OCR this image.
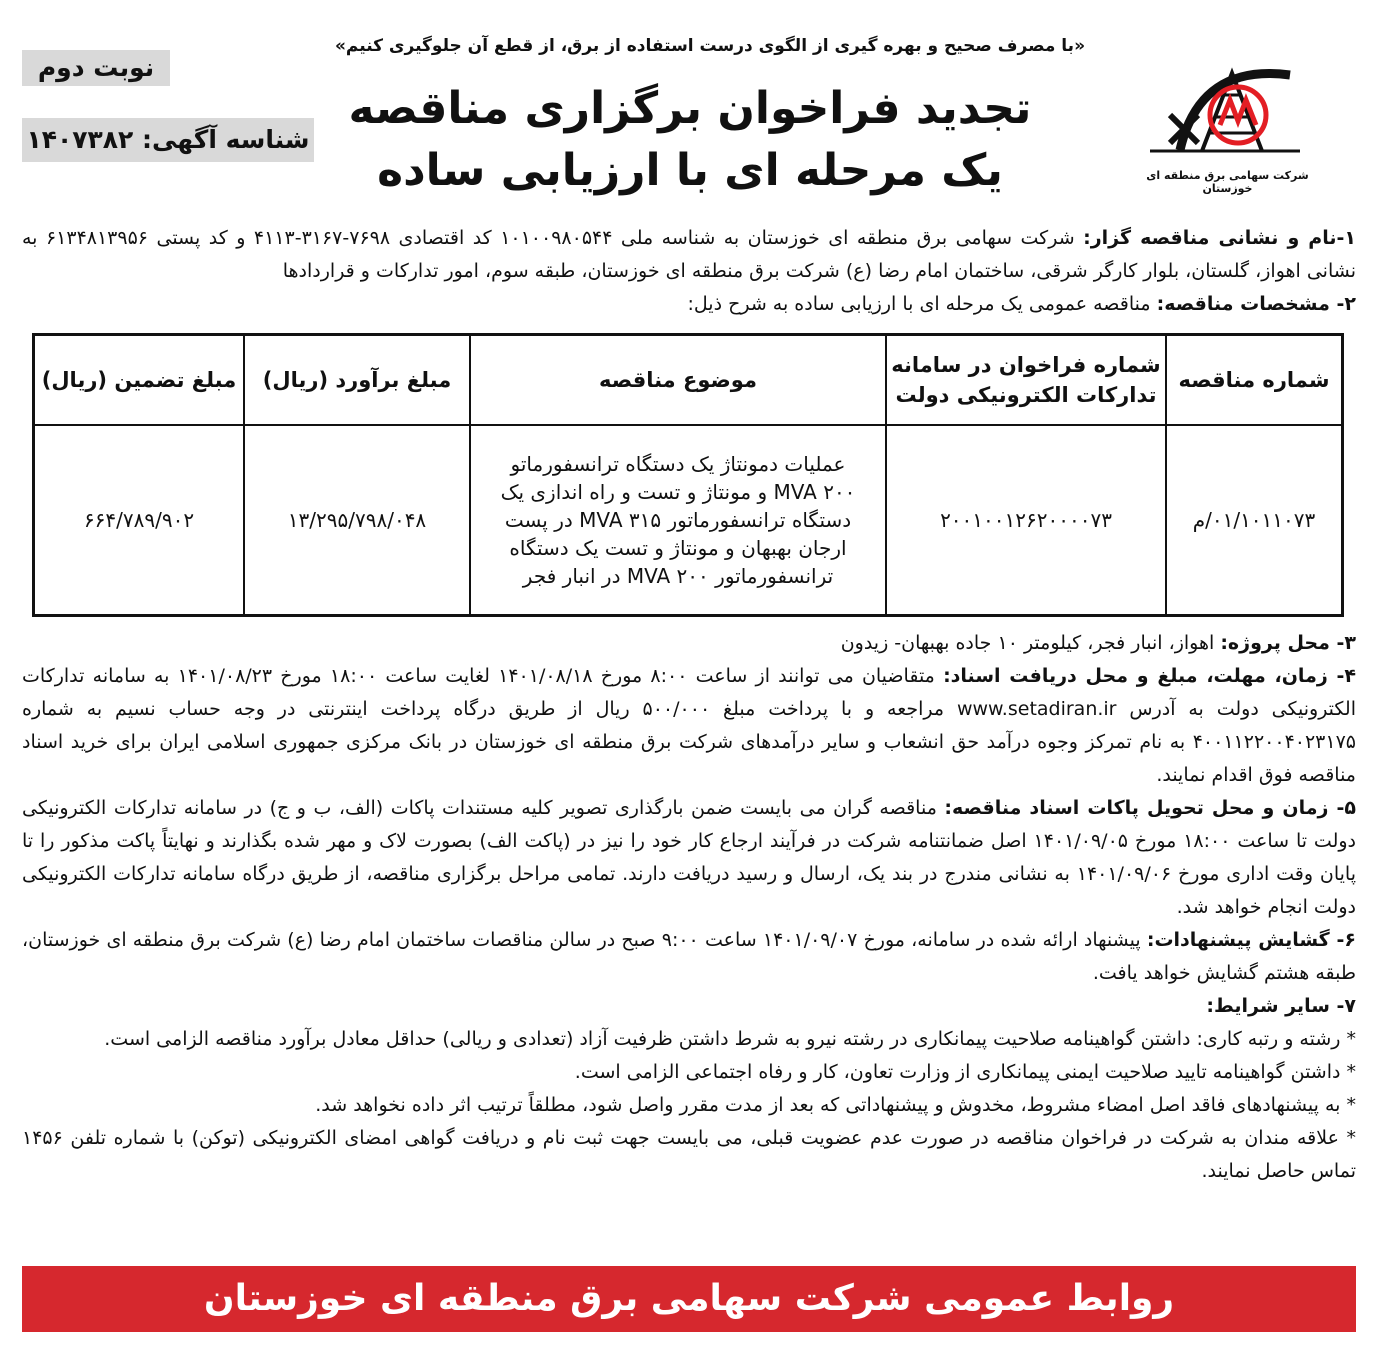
«با مصرف صحیح و بهره گیری از الگوی درست استفاده از برق، از قطع آن جلوگیری کنیم»
نوبت دوم
شناسه آگهی: ۱۴۰۷۳۸۲
تجدید فراخوان برگزاری مناقصه
یک مرحله ای با ارزیابی ساده	شرکت سهامی برق منطقه ای خوزستان

۱-نام و نشانی مناقصه گزار: شرکت سهامی برق منطقه ای خوزستان به شناسه ملی ۱۰۱۰۰۹۸۰۵۴۴ کد اقتصادی ۷۶۹۸-۳۱۶۷-۴۱۱۳ و کد پستی ۶۱۳۴۸۱۳۹۵۶ به نشانی اهواز، گلستان، بلوار کارگر شرقی، ساختمان امام رضا (ع) شرکت برق منطقه ای خوزستان، طبقه سوم، امور تدارکات و قراردادها

۲- مشخصات مناقصه: مناقصه عمومی یک مرحله ای با ارزیابی ساده به شرح ذیل:

شماره مناقصه	شماره فراخوان در سامانه تدارکات الکترونیکی دولت	موضوع مناقصه	مبلغ برآورد (ریال)	مبلغ تضمین (ریال)
۰۱/۱۰۱۱۰۷۳/م	۲۰۰۱۰۰۱۲۶۲۰۰۰۰۷۳	عملیات دمونتاژ یک دستگاه ترانسفورماتو MVA ۲۰۰ و مونتاژ و تست و راه اندازی یک دستگاه ترانسفورماتور MVA ۳۱۵ در پست ارجان بهبهان و مونتاژ و تست یک دستگاه ترانسفورماتور MVA ۲۰۰ در انبار فجر	۱۳/۲۹۵/۷۹۸/۰۴۸	۶۶۴/۷۸۹/۹۰۲

۳- محل پروژه: اهواز، انبار فجر، کیلومتر ۱۰ جاده بهبهان- زیدون

۴- زمان، مهلت، مبلغ و محل دریافت اسناد: متقاضیان می توانند از ساعت ۸:۰۰ مورخ ۱۴۰۱/۰۸/۱۸ لغایت ساعت ۱۸:۰۰ مورخ ۱۴۰۱/۰۸/۲۳ به سامانه تدارکات الکترونیکی دولت به آدرس www.setadiran.ir مراجعه و با پرداخت مبلغ ۵۰۰/۰۰۰ ریال از طریق درگاه پرداخت اینترنتی در وجه حساب نسیم به شماره ۴۰۰۱۱۲۲۰۰۴۰۲۳۱۷۵ به نام تمرکز وجوه درآمد حق انشعاب و سایر درآمدهای شرکت برق منطقه ای خوزستان در بانک مرکزی جمهوری اسلامی ایران برای خرید اسناد مناقصه فوق اقدام نمایند.

۵- زمان و محل تحویل پاکات اسناد مناقصه: مناقصه گران می بایست ضمن بارگذاری تصویر کلیه مستندات پاکات (الف، ب و ج) در سامانه تدارکات الکترونیکی دولت تا ساعت ۱۸:۰۰ مورخ ۱۴۰۱/۰۹/۰۵ اصل ضمانتنامه شرکت در فرآیند ارجاع کار خود را نیز در (پاکت الف) بصورت لاک و مهر شده بگذارند و نهایتاً پاکت مذکور را تا پایان وقت اداری مورخ ۱۴۰۱/۰۹/۰۶ به نشانی مندرج در بند یک، ارسال و رسید دریافت دارند. تمامی مراحل برگزاری مناقصه، از طریق درگاه سامانه تدارکات الکترونیکی دولت انجام خواهد شد.

۶- گشایش پیشنهادات: پیشنهاد ارائه شده در سامانه، مورخ ۱۴۰۱/۰۹/۰۷ ساعت ۹:۰۰ صبح در سالن مناقصات ساختمان امام رضا (ع) شرکت برق منطقه ای خوزستان، طبقه هشتم گشایش خواهد یافت.

۷- سایر شرایط:

* رشته و رتبه کاری: داشتن گواهینامه صلاحیت پیمانکاری در رشته نیرو به شرط داشتن ظرفیت آزاد (تعدادی و ریالی) حداقل معادل برآورد مناقصه الزامی است.

* داشتن گواهینامه تایید صلاحیت ایمنی پیمانکاری از وزارت تعاون، کار و رفاه اجتماعی الزامی است.

* به پیشنهادهای فاقد اصل امضاء مشروط، مخدوش و پیشنهاداتی که بعد از مدت مقرر واصل شود، مطلقاً ترتیب اثر داده نخواهد شد.

* علاقه مندان به شرکت در فراخوان مناقصه در صورت عدم عضویت قبلی، می بایست جهت ثبت نام و دریافت گواهی امضای الکترونیکی (توکن) با شماره تلفن ۱۴۵۶ تماس حاصل نمایند.

روابط عمومی شرکت سهامی برق منطقه ای خوزستان
